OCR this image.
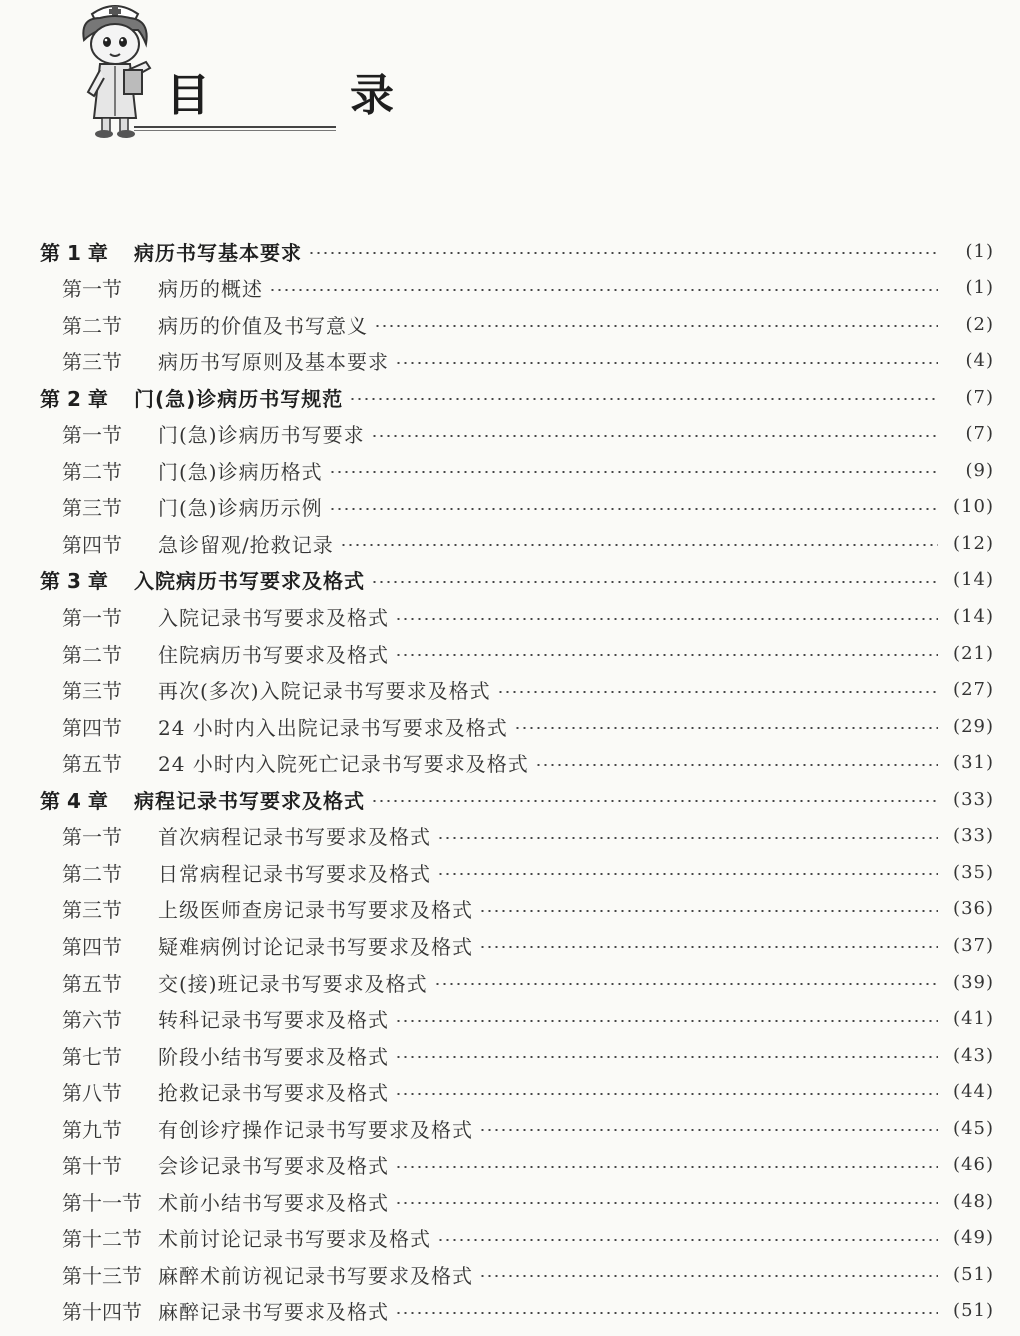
目　录
第 1 章	病历书写基本要求	(1)
第一节	病历的概述	(1)
第二节	病历的价值及书写意义	(2)
第三节	病历书写原则及基本要求	(4)
第 2 章	门(急)诊病历书写规范	(7)
第一节	门(急)诊病历书写要求	(7)
第二节	门(急)诊病历格式	(9)
第三节	门(急)诊病历示例	(10)
第四节	急诊留观/抢救记录	(12)
第 3 章	入院病历书写要求及格式	(14)
第一节	入院记录书写要求及格式	(14)
第二节	住院病历书写要求及格式	(21)
第三节	再次(多次)入院记录书写要求及格式	(27)
第四节	24 小时内入出院记录书写要求及格式	(29)
第五节	24 小时内入院死亡记录书写要求及格式	(31)
第 4 章	病程记录书写要求及格式	(33)
第一节	首次病程记录书写要求及格式	(33)
第二节	日常病程记录书写要求及格式	(35)
第三节	上级医师查房记录书写要求及格式	(36)
第四节	疑难病例讨论记录书写要求及格式	(37)
第五节	交(接)班记录书写要求及格式	(39)
第六节	转科记录书写要求及格式	(41)
第七节	阶段小结书写要求及格式	(43)
第八节	抢救记录书写要求及格式	(44)
第九节	有创诊疗操作记录书写要求及格式	(45)
第十节	会诊记录书写要求及格式	(46)
第十一节 术前小结书写要求及格式	(48)
第十二节 术前讨论记录书写要求及格式	(49)
第十三节 麻醉术前访视记录书写要求及格式	(51)
第十四节 麻醉记录书写要求及格式	(51)
